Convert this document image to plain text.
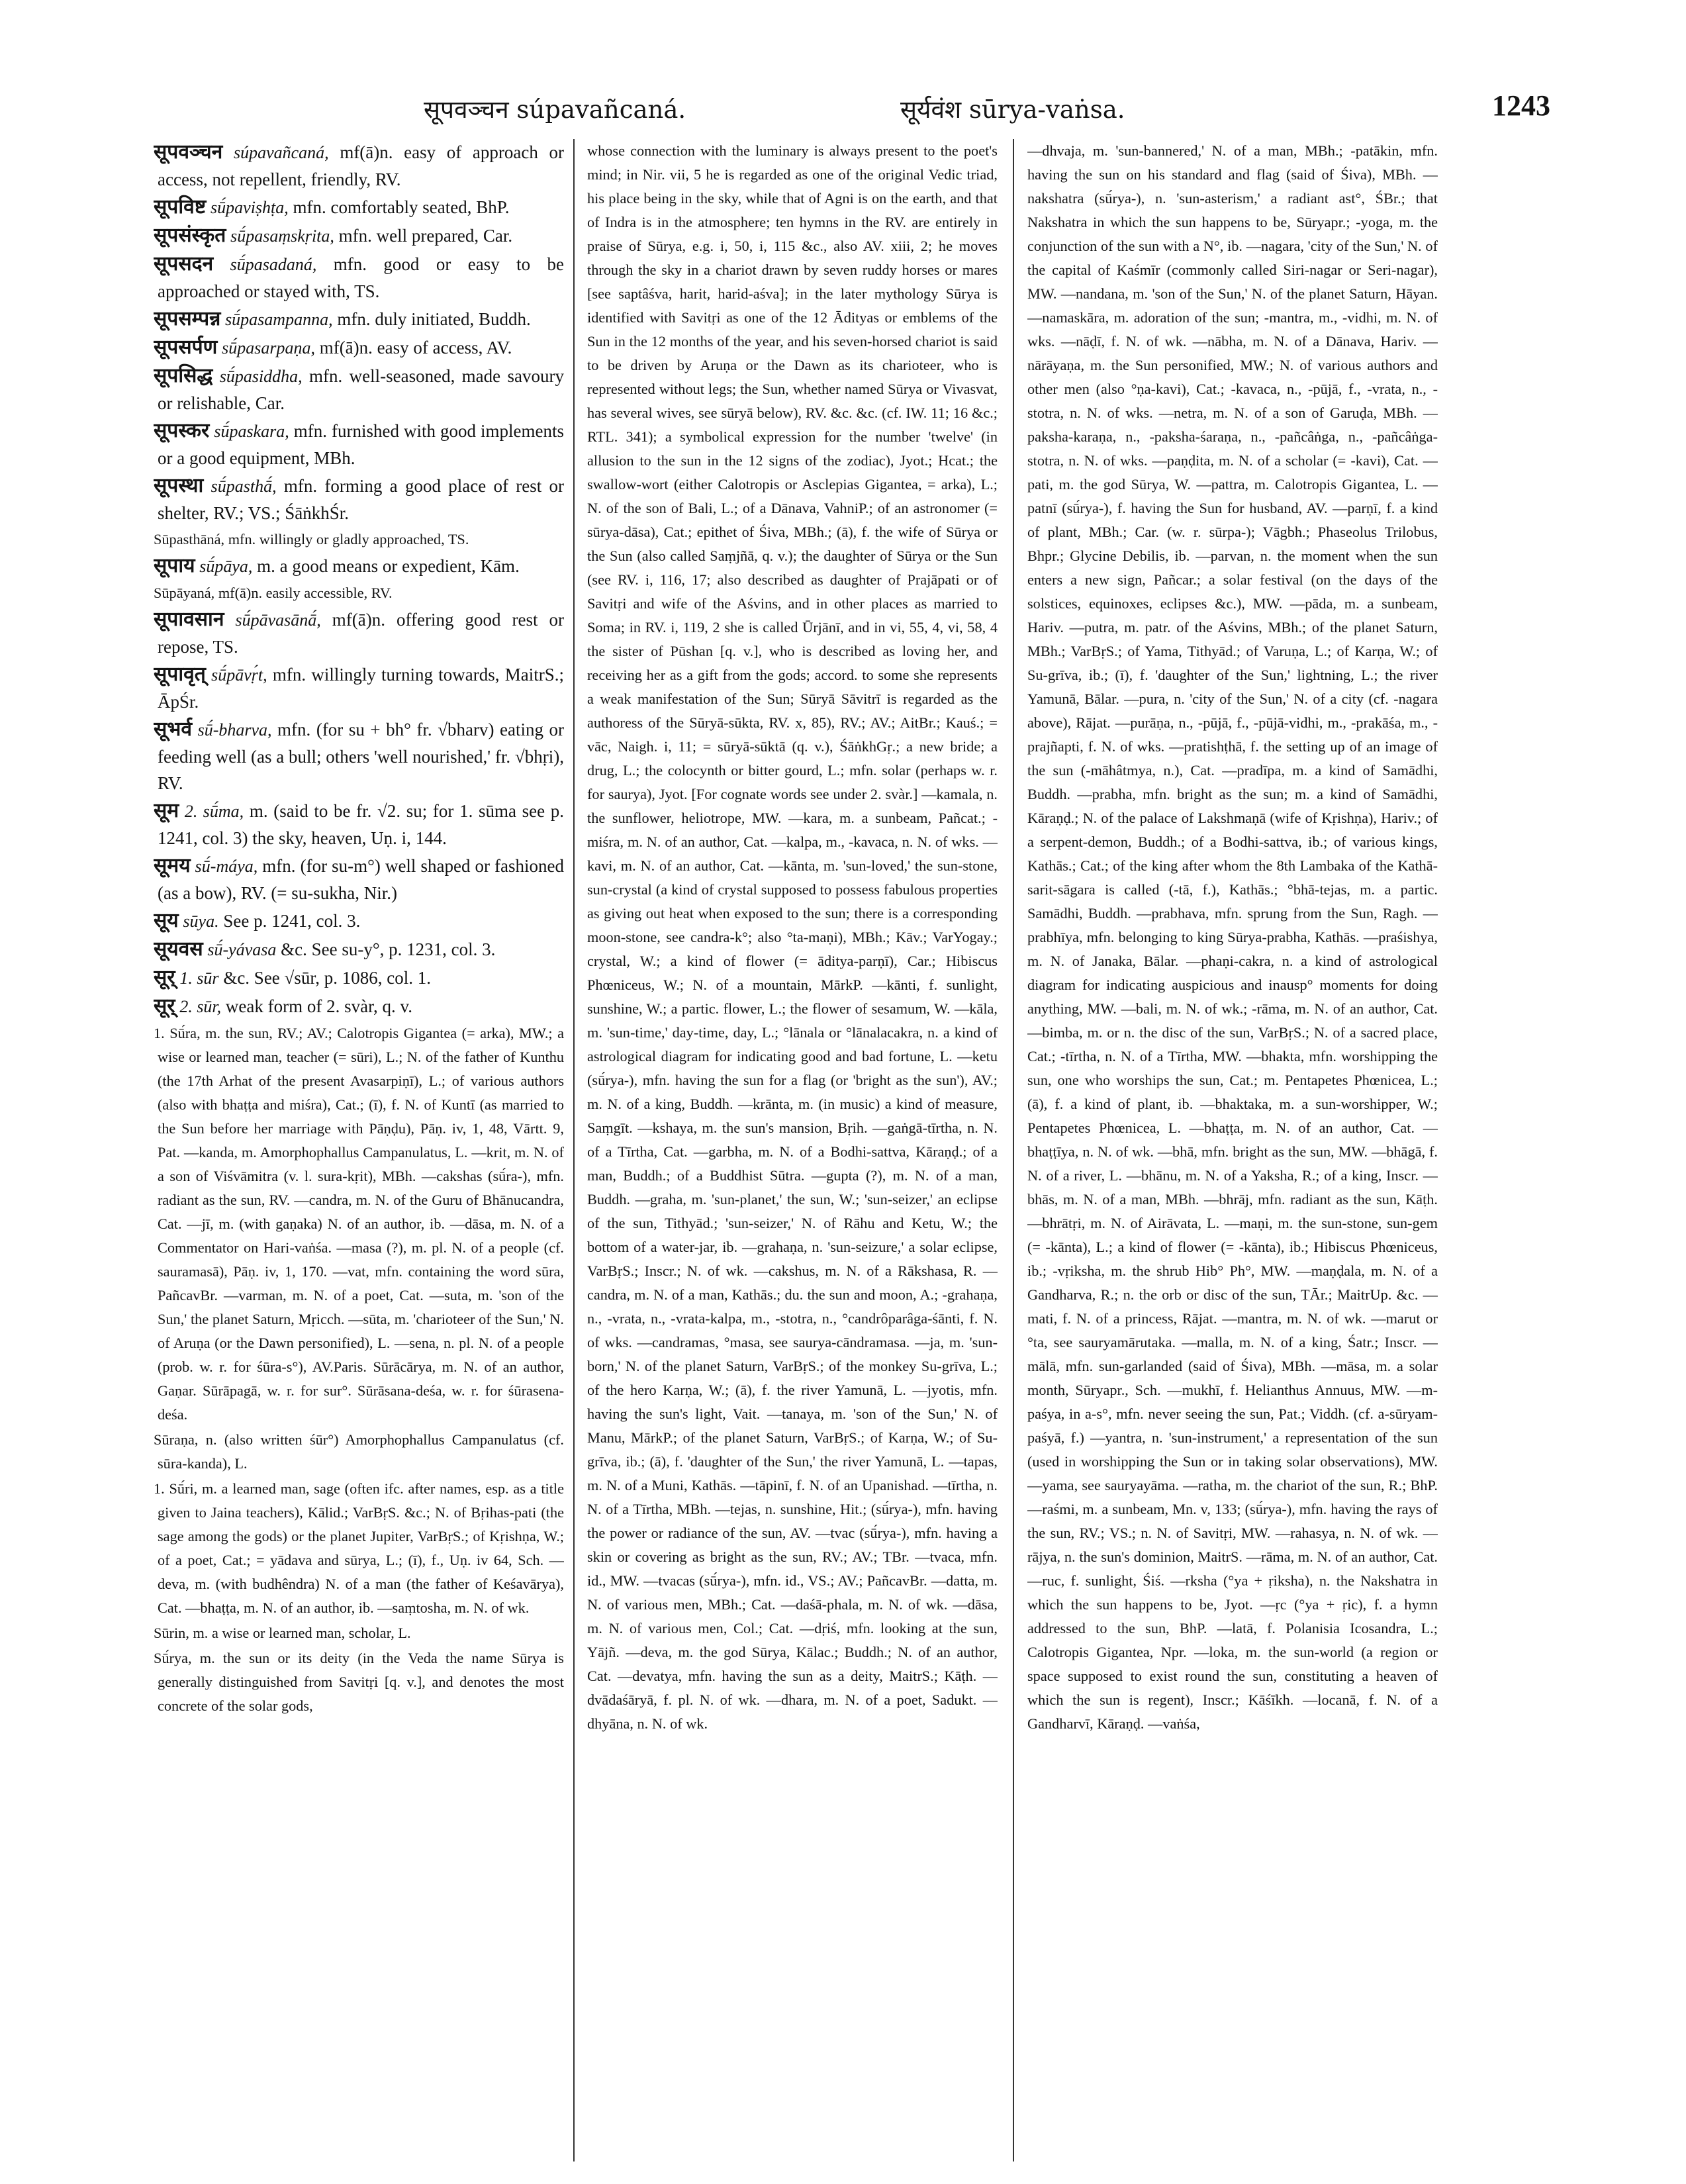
सूपवञ्चन súpavañcaná.	सूर्यवंश sūrya-vaṅsa.	1243

सूपवञ्चन súpavañcaná, mf(ā)n. easy of approach or access, not repellent, friendly, RV.

सूपविष्ट sū́paviṣhṭa, mfn. comfortably seated, BhP.

सूपसंस्कृत sū́pasaṃskṛita, mfn. well prepared, Car.

सूपसदन sū́pasadaná, mfn. good or easy to be approached or stayed with, TS.

सूपसम्पन्न sū́pasampanna, mfn. duly initiated, Buddh.

सूपसर्पण sū́pasarpaṇa, mf(ā)n. easy of access, AV.

सूपसिद्ध sū́pasiddha, mfn. well-seasoned, made savoury or relishable, Car.

सूपस्कर sū́paskara, mfn. furnished with good implements or a good equipment, MBh.

सूपस्था sū́pasthā́, mfn. forming a good place of rest or shelter, RV.; VS.; ŚāṅkhŚr.

Sūpasthāná, mfn. willingly or gladly approached, TS.

सूपाय sū́pāya, m. a good means or expedient, Kām.

Sūpāyaná, mf(ā)n. easily accessible, RV.

सूपावसान sū́pāvasānā́, mf(ā)n. offering good rest or repose, TS.

सूपावृत् sū́pāvṛ́t, mfn. willingly turning towards, MaitrS.; ĀpŚr.

सूभर्व sū́-bharva, mfn. (for su + bh° fr. √bharv) eating or feeding well (as a bull; others 'well nourished,' fr. √bhṛi), RV.

सूम 2. sū́ma, m. (said to be fr. √2. su; for 1. sūma see p. 1241, col. 3) the sky, heaven, Uṇ. i, 144.

सूमय sū́-máya, mfn. (for su-m°) well shaped or fashioned (as a bow), RV. (= su-sukha, Nir.)

सूय sūya. See p. 1241, col. 3.

सूयवस sū́-yávasa &c. See su-y°, p. 1231, col. 3.

सूर् 1. sūr &c. See √sūr, p. 1086, col. 1.

सूर् 2. sūr, weak form of 2. svàr, q. v.

1. Sū́ra, m. the sun, RV.; AV.; Calotropis Gigantea (= arka), MW.; a wise or learned man, teacher (= sūri), L.; N. of the father of Kunthu (the 17th Arhat of the present Avasarpiṇī), L.; of various authors (also with bhaṭṭa and miśra), Cat.; (ī), f. N. of Kuntī (as married to the Sun before her marriage with Pāṇḍu), Pāṇ. iv, 1, 48, Vārtt. 9, Pat. —kanda, m. Amorphophallus Campanulatus, L. —krit, m. N. of a son of Viśvāmitra (v. l. sura-kṛit), MBh. —cakshas (sū́ra-), mfn. radiant as the sun, RV. —candra, m. N. of the Guru of Bhānucandra, Cat. —jī, m. (with gaṇaka) N. of an author, ib. —dāsa, m. N. of a Commentator on Hari-vaṅśa. —masa (?), m. pl. N. of a people (cf. sauramasā), Pāṇ. iv, 1, 170. —vat, mfn. containing the word sūra, PañcavBr. —varman, m. N. of a poet, Cat. —suta, m. 'son of the Sun,' the planet Saturn, Mṛicch. —sūta, m. 'charioteer of the Sun,' N. of Aruṇa (or the Dawn personified), L. —sena, n. pl. N. of a people (prob. w. r. for śūra-s°), AV.Paris. Sūrācārya, m. N. of an author, Gaṇar. Sūrāpagā, w. r. for sur°. Sūrāsana-deśa, w. r. for śūrasena-deśa.

Sūraṇa, n. (also written śūr°) Amorphophallus Campanulatus (cf. sūra-kanda), L.

1. Sū́ri, m. a learned man, sage (often ifc. after names, esp. as a title given to Jaina teachers), Kālid.; VarBṛS. &c.; N. of Bṛihas-pati (the sage among the gods) or the planet Jupiter, VarBṛS.; of Kṛishṇa, W.; of a poet, Cat.; = yādava and sūrya, L.; (ī), f., Uṇ. iv 64, Sch. —deva, m. (with budhêndra) N. of a man (the father of Keśavārya), Cat. —bhaṭṭa, m. N. of an author, ib. —saṃtosha, m. N. of wk.

Sūrin, m. a wise or learned man, scholar, L.

Sū́rya, m. the sun or its deity (in the Veda the name Sūrya is generally distinguished from Savitṛi [q. v.], and denotes the most concrete of the solar gods,

whose connection with the luminary is always present to the poet's mind; in Nir. vii, 5 he is regarded as one of the original Vedic triad, his place being in the sky, while that of Agni is on the earth, and that of Indra is in the atmosphere; ten hymns in the RV. are entirely in praise of Sūrya, e.g. i, 50, i, 115 &c., also AV. xiii, 2; he moves through the sky in a chariot drawn by seven ruddy horses or mares [see saptâśva, harit, harid-aśva]; in the later mythology Sūrya is identified with Savitṛi as one of the 12 Ādityas or emblems of the Sun in the 12 months of the year, and his seven-horsed chariot is said to be driven by Aruṇa or the Dawn as its charioteer, who is represented without legs; the Sun, whether named Sūrya or Vivasvat, has several wives, see sūryā below), RV. &c. &c. (cf. IW. 11; 16 &c.; RTL. 341); a symbolical expression for the number 'twelve' (in allusion to the sun in the 12 signs of the zodiac), Jyot.; Hcat.; the swallow-wort (either Calotropis or Asclepias Gigantea, = arka), L.; N. of the son of Bali, L.; of a Dānava, VahniP.; of an astronomer (= sūrya-dāsa), Cat.; epithet of Śiva, MBh.; (ā), f. the wife of Sūrya or the Sun (also called Saṃjñā, q. v.); the daughter of Sūrya or the Sun (see RV. i, 116, 17; also described as daughter of Prajāpati or of Savitṛi and wife of the Aśvins, and in other places as married to Soma; in RV. i, 119, 2 she is called Ūrjānī, and in vi, 55, 4, vi, 58, 4 the sister of Pūshan [q. v.], who is described as loving her, and receiving her as a gift from the gods; accord. to some she represents a weak manifestation of the Sun; Sūryā Sāvitrī is regarded as the authoress of the Sūryā-sūkta, RV. x, 85), RV.; AV.; AitBr.; Kauś.; = vāc, Naigh. i, 11; = sūryā-sūktā (q. v.), ŚāṅkhGṛ.; a new bride; a drug, L.; the colocynth or bitter gourd, L.; mfn. solar (perhaps w. r. for saurya), Jyot. [For cognate words see under 2. svàr.] —kamala, n. the sunflower, heliotrope, MW. —kara, m. a sunbeam, Pañcat.; -miśra, m. N. of an author, Cat. —kalpa, m., -kavaca, n. N. of wks. —kavi, m. N. of an author, Cat. —kānta, m. 'sun-loved,' the sun-stone, sun-crystal (a kind of crystal supposed to possess fabulous properties as giving out heat when exposed to the sun; there is a corresponding moon-stone, see candra-k°; also °ta-maṇi), MBh.; Kāv.; VarYogay.; crystal, W.; a kind of flower (= āditya-parṇī), Car.; Hibiscus Phœniceus, W.; N. of a mountain, MārkP. —kānti, f. sunlight, sunshine, W.; a partic. flower, L.; the flower of sesamum, W. —kāla, m. 'sun-time,' day-time, day, L.; °lānala or °lānalacakra, n. a kind of astrological diagram for indicating good and bad fortune, L. —ketu (sū́rya-), mfn. having the sun for a flag (or 'bright as the sun'), AV.; m. N. of a king, Buddh. —krānta, m. (in music) a kind of measure, Saṃgīt. —kshaya, m. the sun's mansion, Bṛih. —gaṅgā-tīrtha, n. N. of a Tīrtha, Cat. —garbha, m. N. of a Bodhi-sattva, Kāraṇḍ.; of a man, Buddh.; of a Buddhist Sūtra. —gupta (?), m. N. of a man, Buddh. —graha, m. 'sun-planet,' the sun, W.; 'sun-seizer,' an eclipse of the sun, Tithyād.; 'sun-seizer,' N. of Rāhu and Ketu, W.; the bottom of a water-jar, ib. —grahaṇa, n. 'sun-seizure,' a solar eclipse, VarBṛS.; Inscr.; N. of wk. —cakshus, m. N. of a Rākshasa, R. —candra, m. N. of a man, Kathās.; du. the sun and moon, A.; -grahaṇa, n., -vrata, n., -vrata-kalpa, m., -stotra, n., °candrôparâga-śānti, f. N. of wks. —candramas, °masa, see saurya-cāndramasa. —ja, m. 'sun-born,' N. of the planet Saturn, VarBṛS.; of the monkey Su-grīva, L.; of the hero Karṇa, W.; (ā), f. the river Yamunā, L. —jyotis, mfn. having the sun's light, Vait. —tanaya, m. 'son of the Sun,' N. of Manu, MārkP.; of the planet Saturn, VarBṛS.; of Karṇa, W.; of Su-grīva, ib.; (ā), f. 'daughter of the Sun,' the river Yamunā, L. —tapas, m. N. of a Muni, Kathās. —tāpinī, f. N. of an Upanishad. —tīrtha, n. N. of a Tīrtha, MBh. —tejas, n. sunshine, Hit.; (sū́rya-), mfn. having the power or radiance of the sun, AV. —tvac (sū́rya-), mfn. having a skin or covering as bright as the sun, RV.; AV.; TBr. —tvaca, mfn. id., MW. —tvacas (sū́rya-), mfn. id., VS.; AV.; PañcavBr. —datta, m. N. of various men, MBh.; Cat. —daśā-phala, m. N. of wk. —dāsa, m. N. of various men, Col.; Cat. —dṛiś, mfn. looking at the sun, Yājñ. —deva, m. the god Sūrya, Kālac.; Buddh.; N. of an author, Cat. —devatya, mfn. having the sun as a deity, MaitrS.; Kāṭh. —dvādaśāryā, f. pl. N. of wk. —dhara, m. N. of a poet, Sadukt. —dhyāna, n. N. of wk.

—dhvaja, m. 'sun-bannered,' N. of a man, MBh.; -patākin, mfn. having the sun on his standard and flag (said of Śiva), MBh. —nakshatra (sū́rya-), n. 'sun-asterism,' a radiant ast°, ŚBr.; that Nakshatra in which the sun happens to be, Sūryapr.; -yoga, m. the conjunction of the sun with a N°, ib. —nagara, 'city of the Sun,' N. of the capital of Kaśmīr (commonly called Siri-nagar or Seri-nagar), MW. —nandana, m. 'son of the Sun,' N. of the planet Saturn, Hāyan. —namaskāra, m. adoration of the sun; -mantra, m., -vidhi, m. N. of wks. —nāḍī, f. N. of wk. —nābha, m. N. of a Dānava, Hariv. —nārāyaṇa, m. the Sun personified, MW.; N. of various authors and other men (also °ṇa-kavi), Cat.; -kavaca, n., -pūjā, f., -vrata, n., -stotra, n. N. of wks. —netra, m. N. of a son of Garuḍa, MBh. —paksha-karaṇa, n., -paksha-śaraṇa, n., -pañcâṅga, n., -pañcâṅga-stotra, n. N. of wks. —paṇḍita, m. N. of a scholar (= -kavi), Cat. —pati, m. the god Sūrya, W. —pattra, m. Calotropis Gigantea, L. —patnī (sū́rya-), f. having the Sun for husband, AV. —parṇī, f. a kind of plant, MBh.; Car. (w. r. sūrpa-); Vāgbh.; Phaseolus Trilobus, Bhpr.; Glycine Debilis, ib. —parvan, n. the moment when the sun enters a new sign, Pañcar.; a solar festival (on the days of the solstices, equinoxes, eclipses &c.), MW. —pāda, m. a sunbeam, Hariv. —putra, m. patr. of the Aśvins, MBh.; of the planet Saturn, MBh.; VarBṛS.; of Yama, Tithyād.; of Varuṇa, L.; of Karṇa, W.; of Su-grīva, ib.; (ī), f. 'daughter of the Sun,' lightning, L.; the river Yamunā, Bālar. —pura, n. 'city of the Sun,' N. of a city (cf. -nagara above), Rājat. —purāṇa, n., -pūjā, f., -pūjā-vidhi, m., -prakāśa, m., -prajñapti, f. N. of wks. —pratishṭhā, f. the setting up of an image of the sun (-māhâtmya, n.), Cat. —pradīpa, m. a kind of Samādhi, Buddh. —prabha, mfn. bright as the sun; m. a kind of Samādhi, Kāraṇḍ.; N. of the palace of Lakshmaṇā (wife of Kṛishṇa), Hariv.; of a serpent-demon, Buddh.; of a Bodhi-sattva, ib.; of various kings, Kathās.; Cat.; of the king after whom the 8th Lambaka of the Kathā-sarit-sāgara is called (-tā, f.), Kathās.; °bhā-tejas, m. a partic. Samādhi, Buddh. —prabhava, mfn. sprung from the Sun, Ragh. —prabhīya, mfn. belonging to king Sūrya-prabha, Kathās. —praśishya, m. N. of Janaka, Bālar. —phaṇi-cakra, n. a kind of astrological diagram for indicating auspicious and inausp° moments for doing anything, MW. —bali, m. N. of wk.; -rāma, m. N. of an author, Cat. —bimba, m. or n. the disc of the sun, VarBṛS.; N. of a sacred place, Cat.; -tīrtha, n. N. of a Tīrtha, MW. —bhakta, mfn. worshipping the sun, one who worships the sun, Cat.; m. Pentapetes Phœnicea, L.; (ā), f. a kind of plant, ib. —bhaktaka, m. a sun-worshipper, W.; Pentapetes Phœnicea, L. —bhaṭṭa, m. N. of an author, Cat. —bhaṭṭīya, n. N. of wk. —bhā, mfn. bright as the sun, MW. —bhāgā, f. N. of a river, L. —bhānu, m. N. of a Yaksha, R.; of a king, Inscr. —bhās, m. N. of a man, MBh. —bhrāj, mfn. radiant as the sun, Kāṭh. —bhrātṛi, m. N. of Airāvata, L. —maṇi, m. the sun-stone, sun-gem (= -kānta), L.; a kind of flower (= -kānta), ib.; Hibiscus Phœniceus, ib.; -vṛiksha, m. the shrub Hib° Ph°, MW. —maṇḍala, m. N. of a Gandharva, R.; n. the orb or disc of the sun, TĀr.; MaitrUp. &c. —mati, f. N. of a princess, Rājat. —mantra, m. N. of wk. —marut or °ta, see sauryamārutaka. —malla, m. N. of a king, Śatr.; Inscr. —mālā, mfn. sun-garlanded (said of Śiva), MBh. —māsa, m. a solar month, Sūryapr., Sch. —mukhī, f. Helianthus Annuus, MW. —m-paśya, in a-s°, mfn. never seeing the sun, Pat.; Viddh. (cf. a-sūryam-paśyā, f.) —yantra, n. 'sun-instrument,' a representation of the sun (used in worshipping the Sun or in taking solar observations), MW. —yama, see sauryayāma. —ratha, m. the chariot of the sun, R.; BhP. —raśmi, m. a sunbeam, Mn. v, 133; (sū́rya-), mfn. having the rays of the sun, RV.; VS.; n. N. of Savitṛi, MW. —rahasya, n. N. of wk. —rājya, n. the sun's dominion, MaitrS. —rāma, m. N. of an author, Cat. —ruc, f. sunlight, Śiś. —rksha (°ya + ṛiksha), n. the Nakshatra in which the sun happens to be, Jyot. —ṛc (°ya + ṛic), f. a hymn addressed to the sun, BhP. —latā, f. Polanisia Icosandra, L.; Calotropis Gigantea, Npr. —loka, m. the sun-world (a region or space supposed to exist round the sun, constituting a heaven of which the sun is regent), Inscr.; Kāśīkh. —locanā, f. N. of a Gandharvī, Kāraṇḍ. —vaṅśa,
